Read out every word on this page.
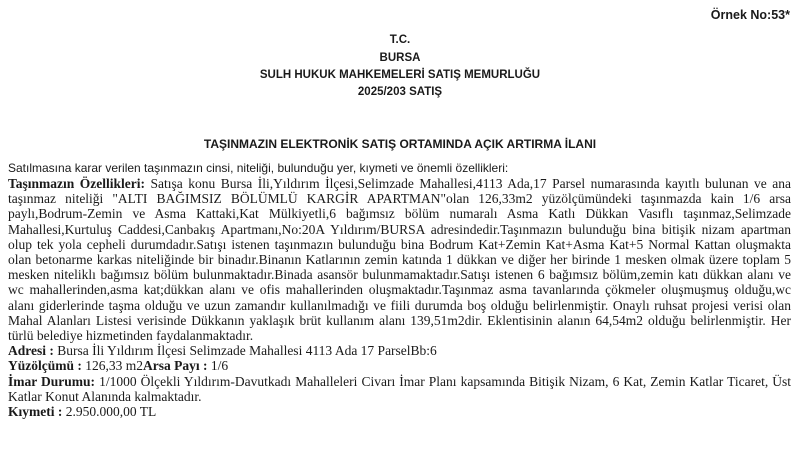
Örnek No:53*
T.C.
BURSA
SULH HUKUK MAHKEMELERİ SATIŞ MEMURLUĞU
2025/203 SATIŞ
TAŞINMAZIN ELEKTRONİK SATIŞ ORTAMINDA AÇIK ARTIRMA İLANI
Satılmasına karar verilen taşınmazın cinsi, niteliği, bulunduğu yer, kıymeti ve önemli özellikleri:

Taşınmazın Özellikleri: Satışa konu Bursa İli,Yıldırım İlçesi,Selimzade Mahallesi,4113 Ada,17 Parsel numarasında kayıtlı bulunan ve ana taşınmaz niteliği "ALTI BAĞIMSIZ BÖLÜMLÜ KARGİR APARTMAN"olan 126,33m2 yüzölçümündeki taşınmazda kain 1/6 arsa paylı,Bodrum-Zemin ve Asma Kattaki,Kat Mülkiyetli,6 bağımsız bölüm numaralı Asma Katlı Dükkan Vasıflı taşınmaz,Selimzade Mahallesi,Kurtuluş Caddesi,Canbakış Apartmanı,No:20A Yıldırım/BURSA adresindedir.Taşınmazın bulunduğu bina bitişik nizam apartman olup tek yola cepheli durumdadır.Satışı istenen taşınmazın bulunduğu bina Bodrum Kat+Zemin Kat+Asma Kat+5 Normal Kattan oluşmakta olan betonarme karkas niteliğinde bir binadır.Binanın Katlarının zemin katında 1 dükkan ve diğer her birinde 1 mesken olmak üzere toplam 5 mesken niteliklı bağımsız bölüm bulunmaktadır.Binada asansör bulunmamaktadır.Satışı istenen 6 bağımsız bölüm,zemin katı dükkan alanı ve wc mahallerinden,asma kat;dükkan alanı ve ofis mahallerinden oluşmaktadır.Taşınmaz asma tavanlarında çökmeler oluşmuşmuş olduğu,wc alanı giderlerinde taşma olduğu ve uzun zamandır kullanılmadığı ve fiili durumda boş olduğu belirlenmiştir. Onaylı ruhsat projesi verisi olan Mahal Alanları Listesi verisinde Dükkanın yaklaşık brüt kullanım alanı 139,51m2dir. Eklentisinin alanın 64,54m2 olduğu belirlenmiştir. Her türlü belediye hizmetinden faydalanmaktadır.

Adresi : Bursa İli Yıldırım İlçesi Selimzade Mahallesi 4113 Ada 17 ParselBb:6

Yüzölçümü : 126,33 m2Arsa Payı : 1/6

İmar Durumu: 1/1000 Ölçekli Yıldırım-Davutkadı Mahalleleri Civarı İmar Planı kapsamında Bitişik Nizam, 6 Kat, Zemin Katlar Ticaret, Üst Katlar Konut Alanında kalmaktadır.

Kıymeti : 2.950.000,00 TL
